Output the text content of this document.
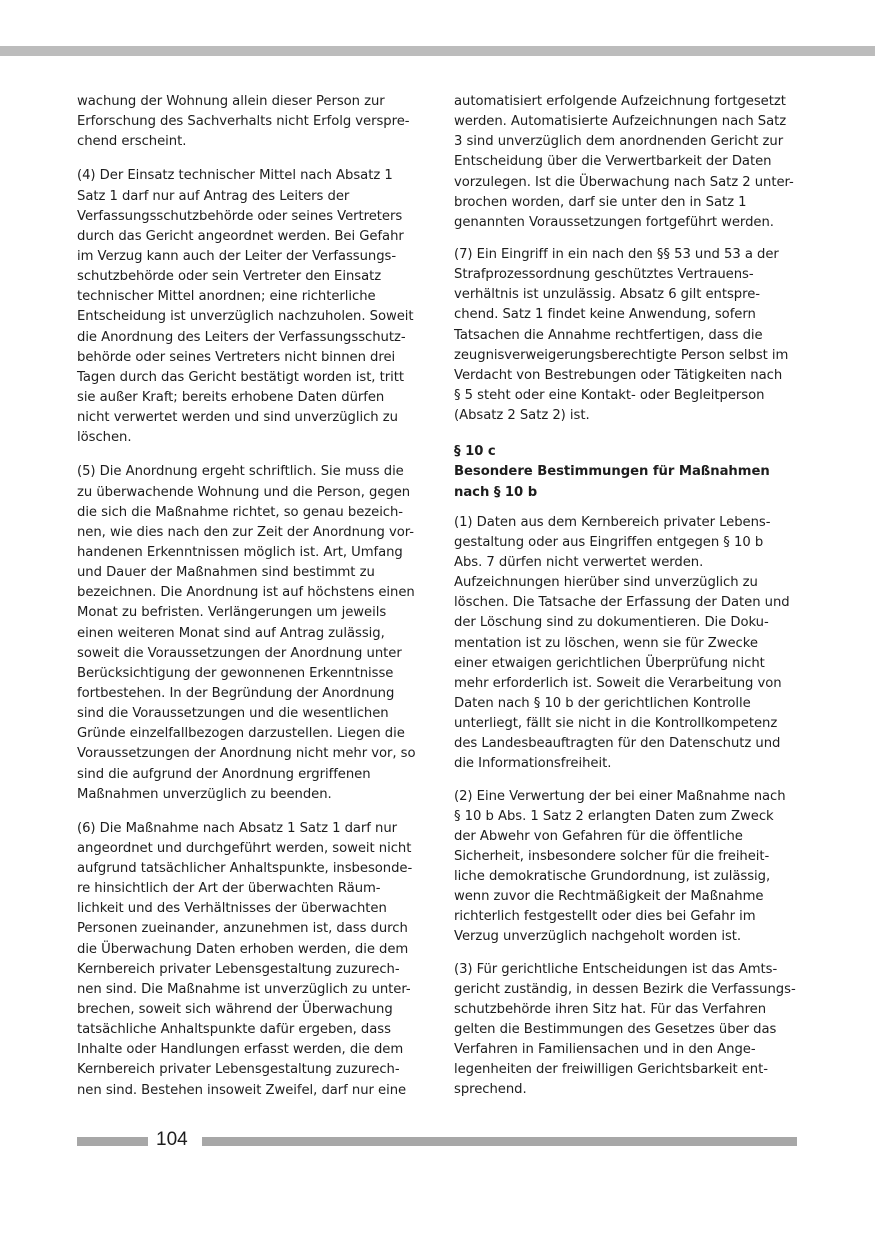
wachung der Wohnung allein dieser Person zur
Erforschung des Sachverhalts nicht Erfolg verspre-
chend erscheint.
(4) Der Einsatz technischer Mittel nach Absatz 1
Satz 1 darf nur auf Antrag des Leiters der
Verfassungsschutzbehörde oder seines Vertreters
durch das Gericht angeordnet werden. Bei Gefahr
im Verzug kann auch der Leiter der Verfassungs-
schutzbehörde oder sein Vertreter den Einsatz
technischer Mittel anordnen; eine richterliche
Entscheidung ist unverzüglich nachzuholen. Soweit
die Anordnung des Leiters der Verfassungsschutz-
behörde oder seines Vertreters nicht binnen drei
Tagen durch das Gericht bestätigt worden ist, tritt
sie außer Kraft; bereits erhobene Daten dürfen
nicht verwertet werden und sind unverzüglich zu
löschen.
(5) Die Anordnung ergeht schriftlich. Sie muss die
zu überwachende Wohnung und die Person, gegen
die sich die Maßnahme richtet, so genau bezeich-
nen, wie dies nach den zur Zeit der Anordnung vor-
handenen Erkenntnissen möglich ist. Art, Umfang
und Dauer der Maßnahmen sind bestimmt zu
bezeichnen. Die Anordnung ist auf höchstens einen
Monat zu befristen. Verlängerungen um jeweils
einen weiteren Monat sind auf Antrag zulässig,
soweit die Voraussetzungen der Anordnung unter
Berücksichtigung der gewonnenen Erkenntnisse
fortbestehen. In der Begründung der Anordnung
sind die Voraussetzungen und die wesentlichen
Gründe einzelfallbezogen darzustellen. Liegen die
Voraussetzungen der Anordnung nicht mehr vor, so
sind die aufgrund der Anordnung ergriffenen
Maßnahmen unverzüglich zu beenden.
(6) Die Maßnahme nach Absatz 1 Satz 1 darf nur
angeordnet und durchgeführt werden, soweit nicht
aufgrund tatsächlicher Anhaltspunkte, insbesonde-
re hinsichtlich der Art der überwachten Räum-
lichkeit und des Verhältnisses der überwachten
Personen zueinander, anzunehmen ist, dass durch
die Überwachung Daten erhoben werden, die dem
Kernbereich privater Lebensgestaltung zuzurech-
nen sind. Die Maßnahme ist unverzüglich zu unter-
brechen, soweit sich während der Überwachung
tatsächliche Anhaltspunkte dafür ergeben, dass
Inhalte oder Handlungen erfasst werden, die dem
Kernbereich privater Lebensgestaltung zuzurech-
nen sind. Bestehen insoweit Zweifel, darf nur eine
automatisiert erfolgende Aufzeichnung fortgesetzt
werden. Automatisierte Aufzeichnungen nach Satz
3 sind unverzüglich dem anordnenden Gericht zur
Entscheidung über die Verwertbarkeit der Daten
vorzulegen. Ist die Überwachung nach Satz 2 unter-
brochen worden, darf sie unter den in Satz 1
genannten Voraussetzungen fortgeführt werden.
(7) Ein Eingriff in ein nach den §§ 53 und 53 a der
Strafprozessordnung geschütztes Vertrauens-
verhältnis ist unzulässig. Absatz 6 gilt entspre-
chend. Satz 1 findet keine Anwendung, sofern
Tatsachen die Annahme rechtfertigen, dass die
zeugnisverweigerungsberechtigte Person selbst im
Verdacht von Bestrebungen oder Tätigkeiten nach
§ 5 steht oder eine Kontakt- oder Begleitperson
(Absatz 2 Satz 2) ist.
§ 10 c
Besondere Bestimmungen für Maßnahmen
nach § 10 b
(1) Daten aus dem Kernbereich privater Lebens-
gestaltung oder aus Eingriffen entgegen § 10 b
Abs. 7 dürfen nicht verwertet werden.
Aufzeichnungen hierüber sind unverzüglich zu
löschen. Die Tatsache der Erfassung der Daten und
der Löschung sind zu dokumentieren. Die Doku-
mentation ist zu löschen, wenn sie für Zwecke
einer etwaigen gerichtlichen Überprüfung nicht
mehr erforderlich ist. Soweit die Verarbeitung von
Daten nach § 10 b der gerichtlichen Kontrolle
unterliegt, fällt sie nicht in die Kontrollkompetenz
des Landesbeauftragten für den Datenschutz und
die Informationsfreiheit.
(2) Eine Verwertung der bei einer Maßnahme nach
§ 10 b Abs. 1 Satz 2 erlangten Daten zum Zweck
der Abwehr von Gefahren für die öffentliche
Sicherheit, insbesondere solcher für die freiheit-
liche demokratische Grundordnung, ist zulässig,
wenn zuvor die Rechtmäßigkeit der Maßnahme
richterlich festgestellt oder dies bei Gefahr im
Verzug unverzüglich nachgeholt worden ist.
(3) Für gerichtliche Entscheidungen ist das Amts-
gericht zuständig, in dessen Bezirk die Verfassungs-
schutzbehörde ihren Sitz hat. Für das Verfahren
gelten die Bestimmungen des Gesetzes über das
Verfahren in Familiensachen und in den Ange-
legenheiten der freiwilligen Gerichtsbarkeit ent-
sprechend.
104
